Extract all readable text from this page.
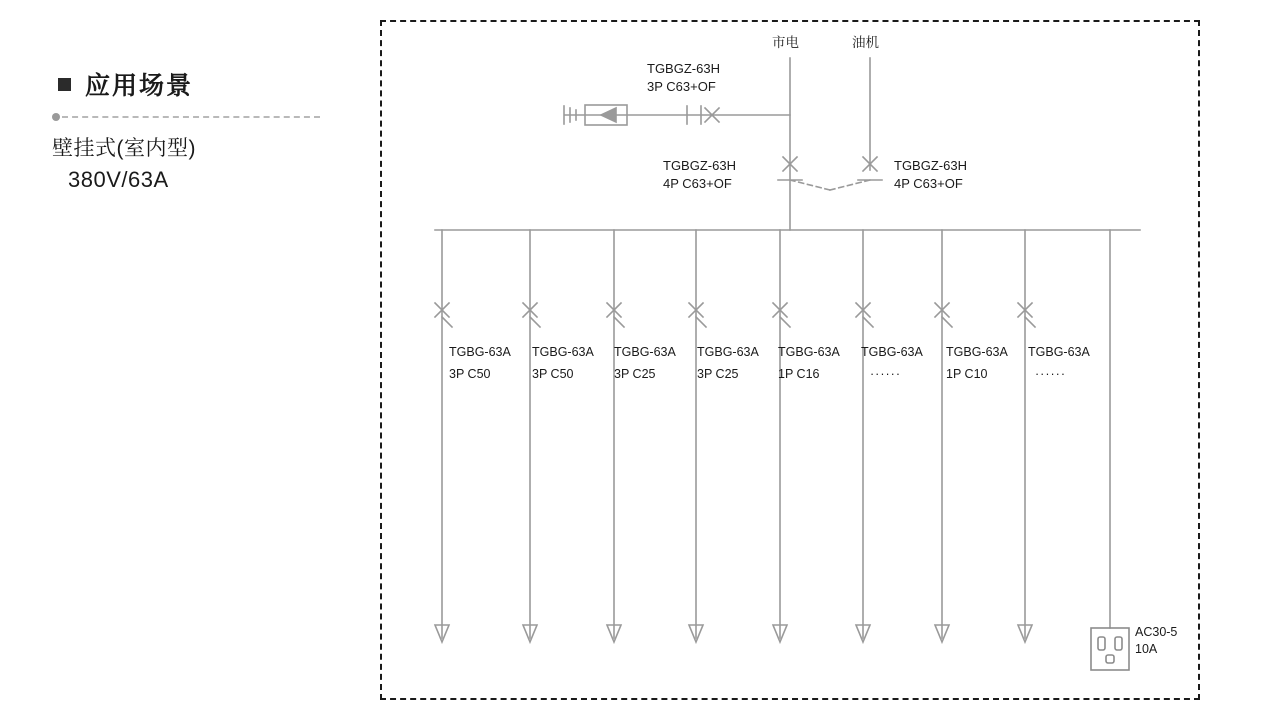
应用场景
壁挂式(室内型)
380V/63A
市电	油机
TGBGZ-63H
3P C63+OF
TGBGZ-63H
4P C63+OF
TGBGZ-63H
4P C63+OF
TGBG-63A
3P C50
TGBG-63A
3P C50
TGBG-63A
3P C25
TGBG-63A
3P C25
TGBG-63A
1P C16
TGBG-63A
······
TGBG-63A
1P C10
TGBG-63A
······
AC30-5
10A
